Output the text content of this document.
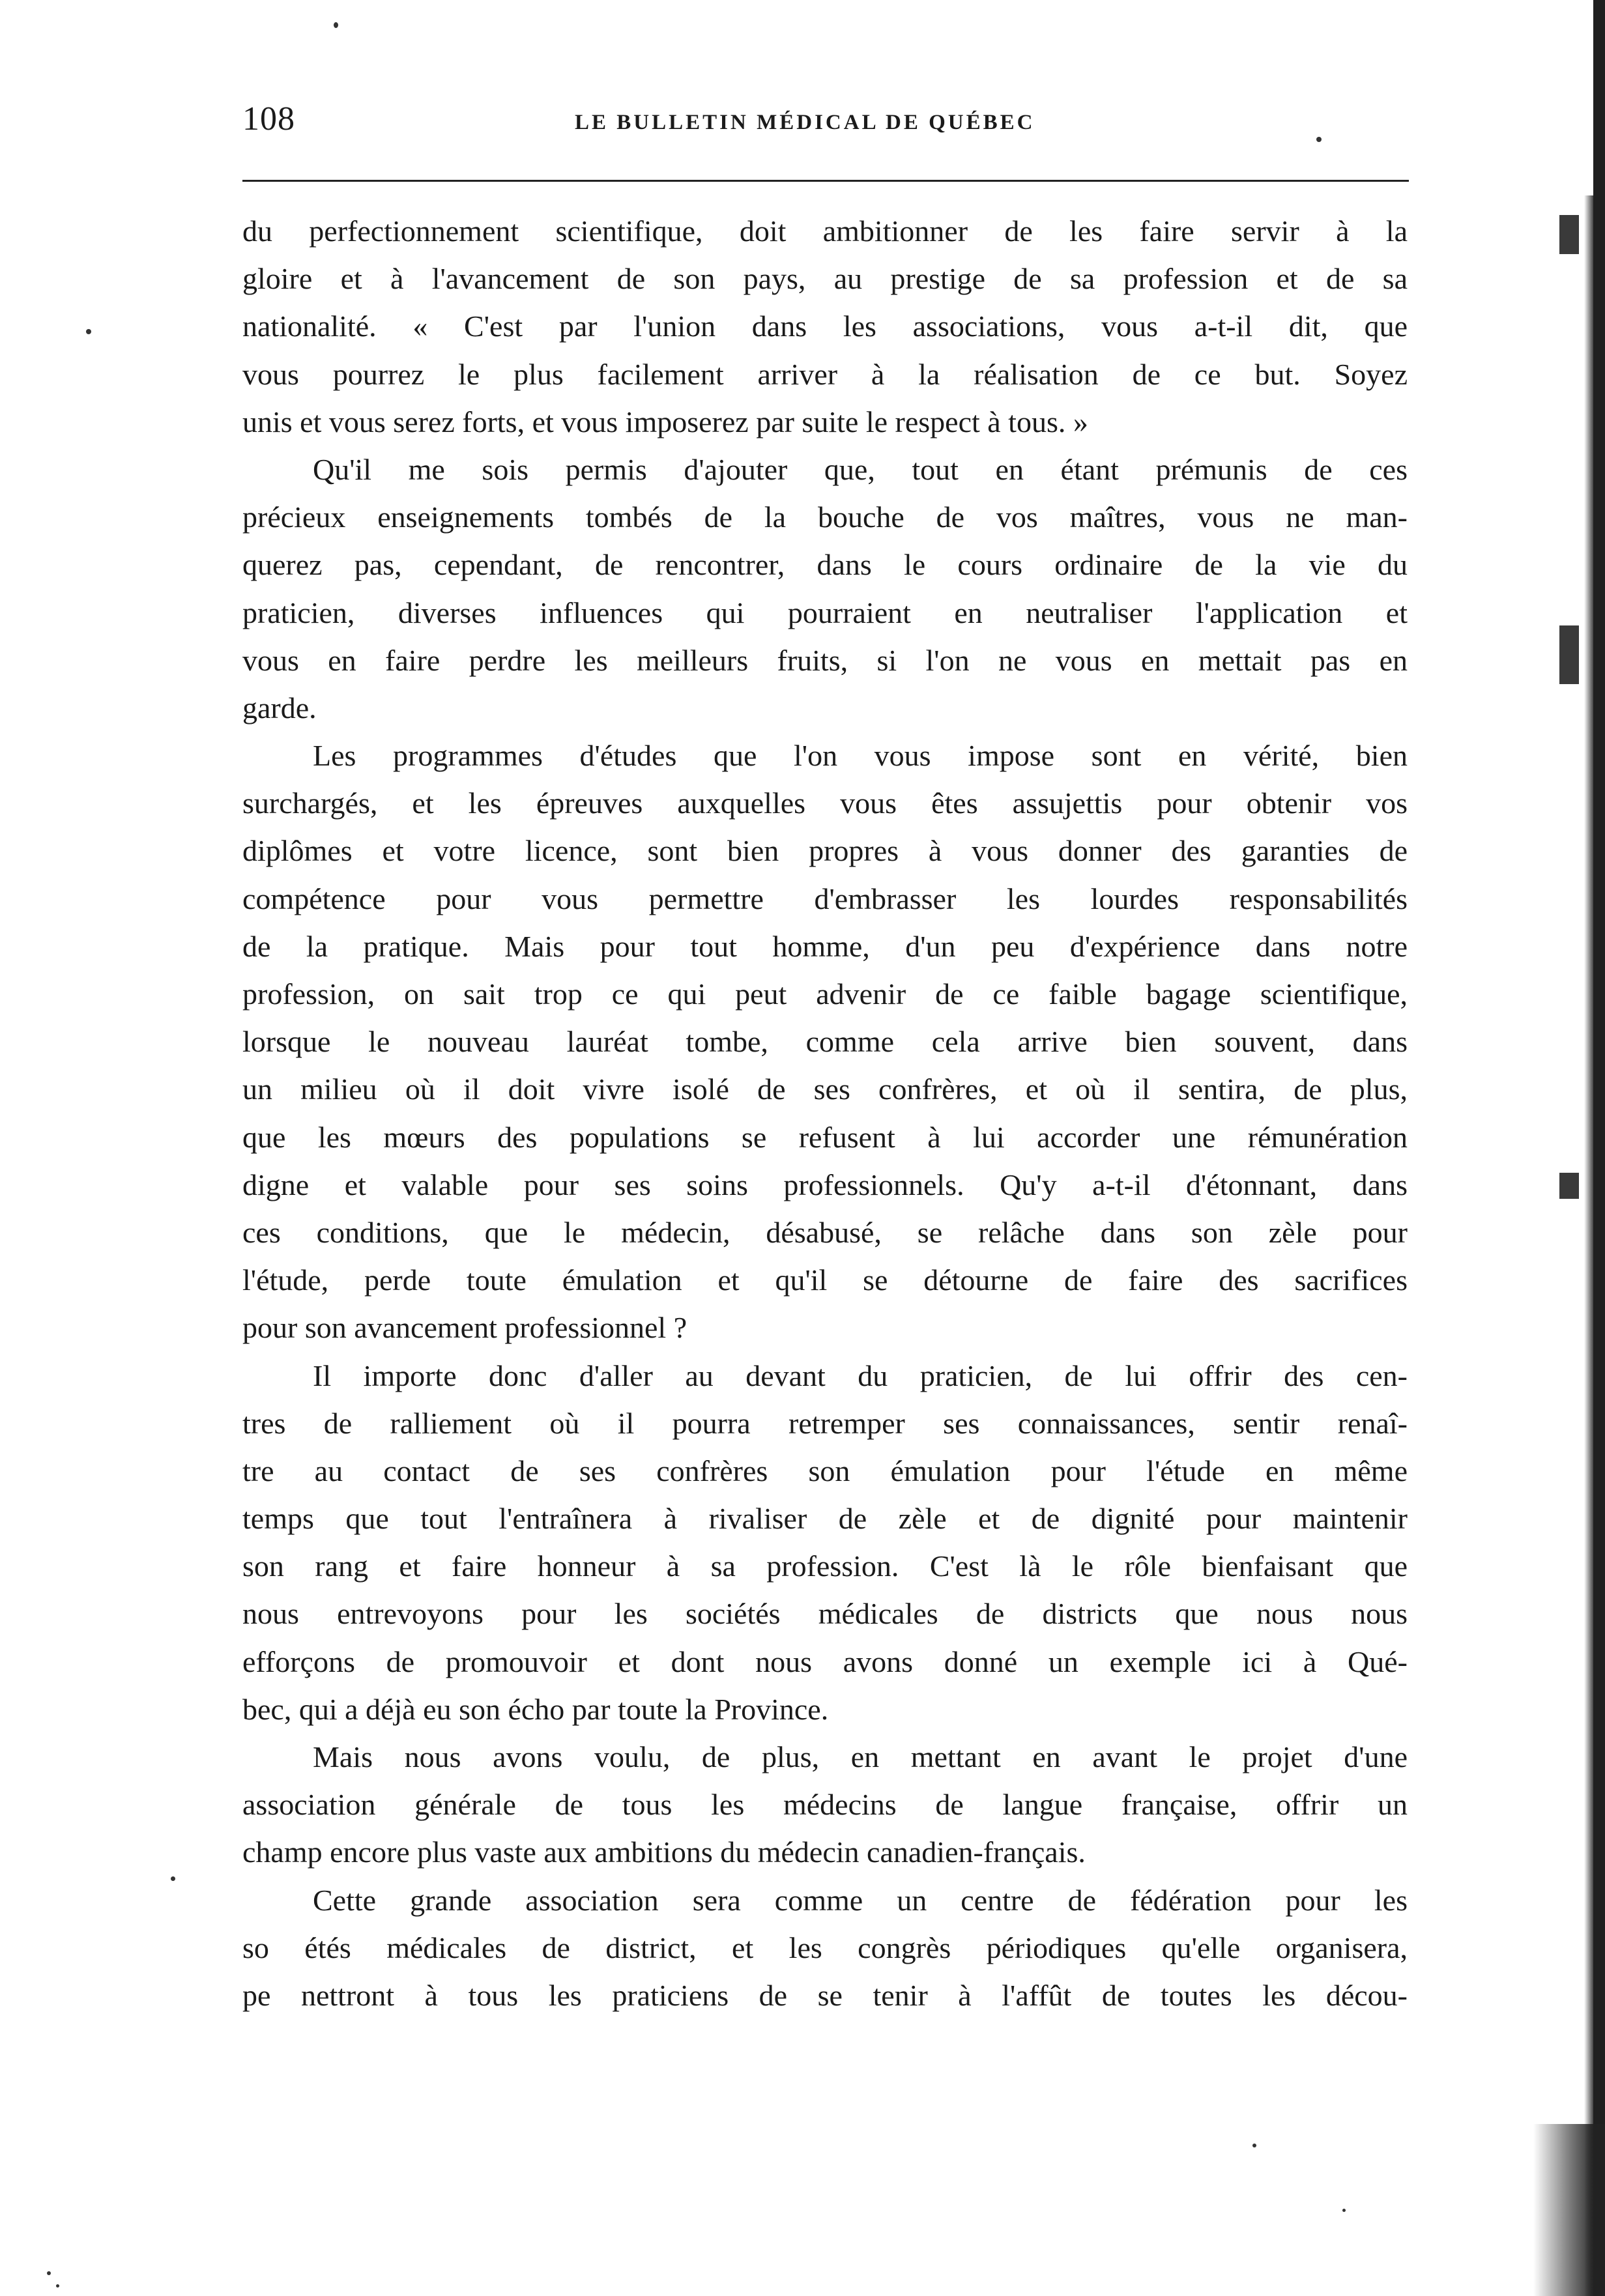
108	LE BULLETIN MÉDICAL DE QUÉBEC
du perfectionnement scientifique, doit ambitionner de les faire servir à la
gloire et à l'avancement de son pays, au prestige de sa profession et de sa
nationalité. « C'est par l'union dans les associations, vous a-t-il dit, que
vous pourrez le plus facilement arriver à la réalisation de ce but. Soyez
unis et vous serez forts, et vous imposerez par suite le respect à tous. »
Qu'il me sois permis d'ajouter que, tout en étant prémunis de ces
précieux enseignements tombés de la bouche de vos maîtres, vous ne man-
querez pas, cependant, de rencontrer, dans le cours ordinaire de la vie du
praticien, diverses influences qui pourraient en neutraliser l'application et
vous en faire perdre les meilleurs fruits, si l'on ne vous en mettait pas en
garde.
Les programmes d'études que l'on vous impose sont en vérité, bien
surchargés, et les épreuves auxquelles vous êtes assujettis pour obtenir vos
diplômes et votre licence, sont bien propres à vous donner des garanties de
compétence pour vous permettre d'embrasser les lourdes responsabilités
de la pratique. Mais pour tout homme, d'un peu d'expérience dans notre
profession, on sait trop ce qui peut advenir de ce faible bagage scientifique,
lorsque le nouveau lauréat tombe, comme cela arrive bien souvent, dans
un milieu où il doit vivre isolé de ses confrères, et où il sentira, de plus,
que les mœurs des populations se refusent à lui accorder une rémunération
digne et valable pour ses soins professionnels. Qu'y a-t-il d'étonnant, dans
ces conditions, que le médecin, désabusé, se relâche dans son zèle pour
l'étude, perde toute émulation et qu'il se détourne de faire des sacrifices
pour son avancement professionnel ?
Il importe donc d'aller au devant du praticien, de lui offrir des cen-
tres de ralliement où il pourra retremper ses connaissances, sentir renaî-
tre au contact de ses confrères son émulation pour l'étude en même
temps que tout l'entraînera à rivaliser de zèle et de dignité pour maintenir
son rang et faire honneur à sa profession. C'est là le rôle bienfaisant que
nous entrevoyons pour les sociétés médicales de districts que nous nous
efforçons de promouvoir et dont nous avons donné un exemple ici à Qué-
bec, qui a déjà eu son écho par toute la Province.
Mais nous avons voulu, de plus, en mettant en avant le projet d'une
association générale de tous les médecins de langue française, offrir un
champ encore plus vaste aux ambitions du médecin canadien-français.
Cette grande association sera comme un centre de fédération pour les
so étés médicales de district, et les congrès périodiques qu'elle organisera,
pe nettront à tous les praticiens de se tenir à l'affût de toutes les décou-
